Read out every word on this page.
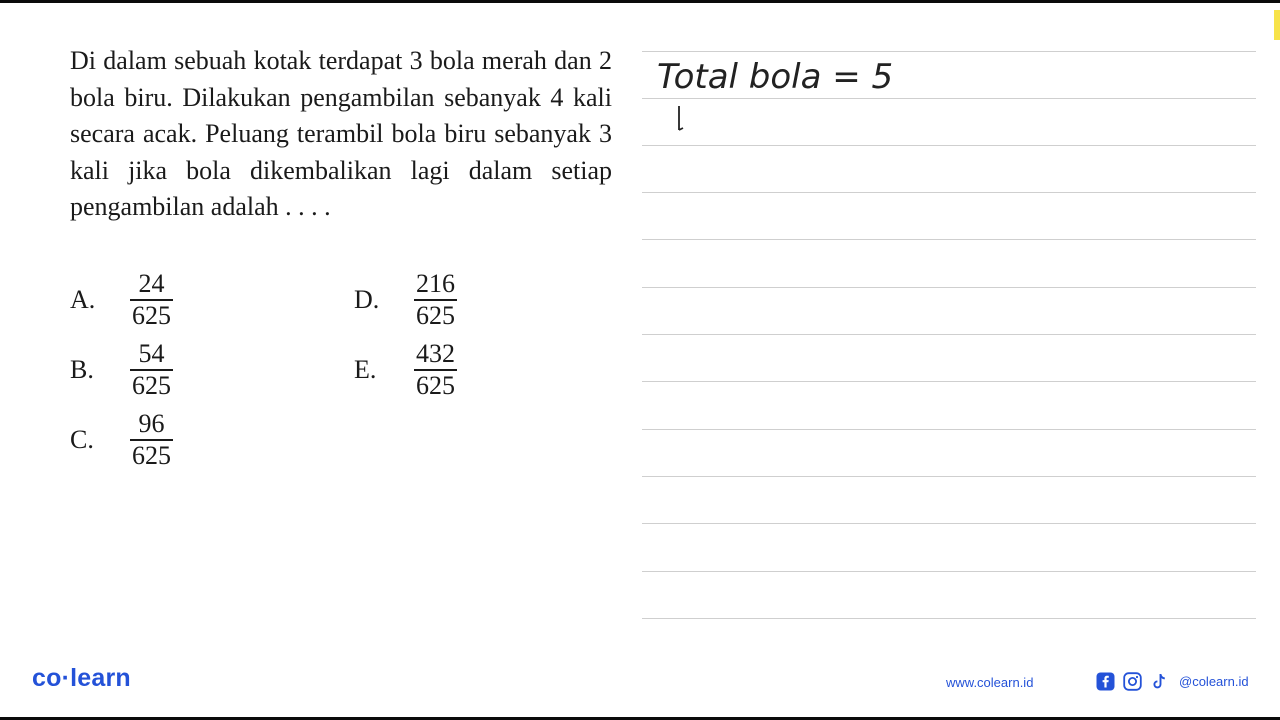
Di dalam sebuah kotak terdapat 3 bola merah dan 2 bola biru. Dilakukan pengambilan sebanyak 4 kali secara acak. Peluang terambil bola biru sebanyak 3 kali jika bola dikembalikan lagi dalam setiap pengambilan adalah . . . .
A.	$\frac{24}{625}$
B.	$\frac{54}{625}$
C.	$\frac{96}{625}$
D.	$\frac{216}{625}$
E.	$\frac{432}{625}$
Total bola = 5
co·learn	www.colearn.id	@colearn.id
